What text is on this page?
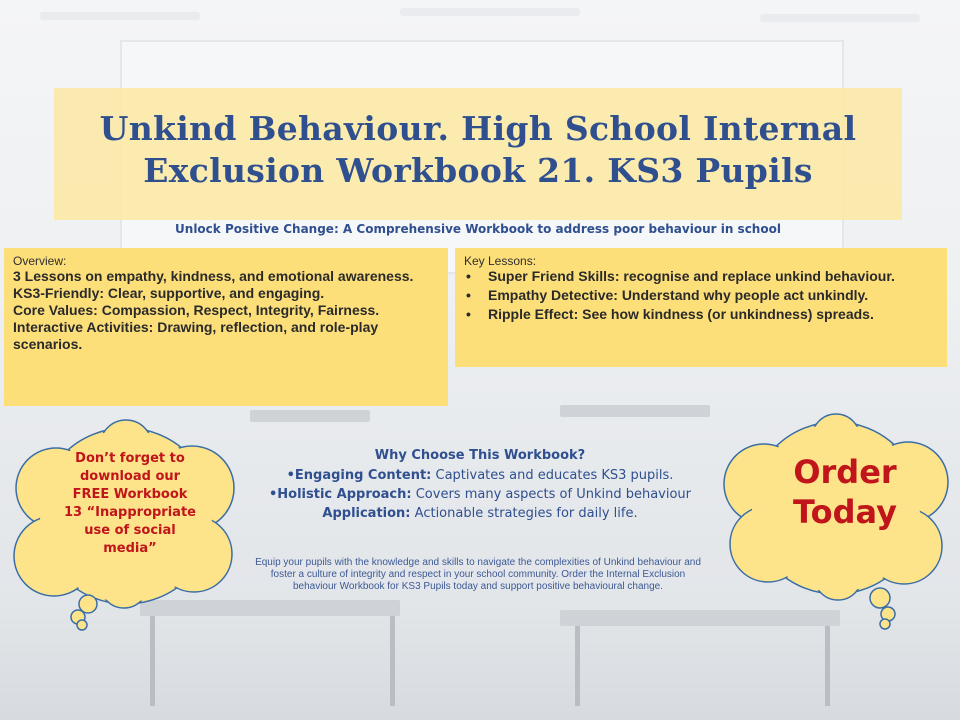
Unkind Behaviour. High School Internal
Exclusion Workbook 21. KS3 Pupils
Unlock Positive Change: A Comprehensive Workbook to address poor behaviour in school
Overview:
3 Lessons on empathy, kindness, and emotional awareness.
KS3-Friendly: Clear, supportive, and engaging.
Core Values: Compassion, Respect, Integrity, Fairness.
Interactive Activities: Drawing, reflection, and role-play scenarios.
Key Lessons:
• Super Friend Skills: recognise and replace unkind behaviour.
• Empathy Detective: Understand why people act unkindly.
• Ripple Effect: See how kindness (or unkindness) spreads.
Why Choose This Workbook?
•Engaging Content: Captivates and educates KS3 pupils.
•Holistic Approach: Covers many aspects of Unkind behaviour
Application: Actionable strategies for daily life.
Equip your pupils with the knowledge and skills to navigate the complexities of Unkind behaviour and foster a culture of integrity and respect in your school community. Order the Internal Exclusion behaviour Workbook for KS3 Pupils today and support positive behavioural change.
Don’t forget to
download our
FREE Workbook
13 “Inappropriate
use of social
media”
Order
Today
